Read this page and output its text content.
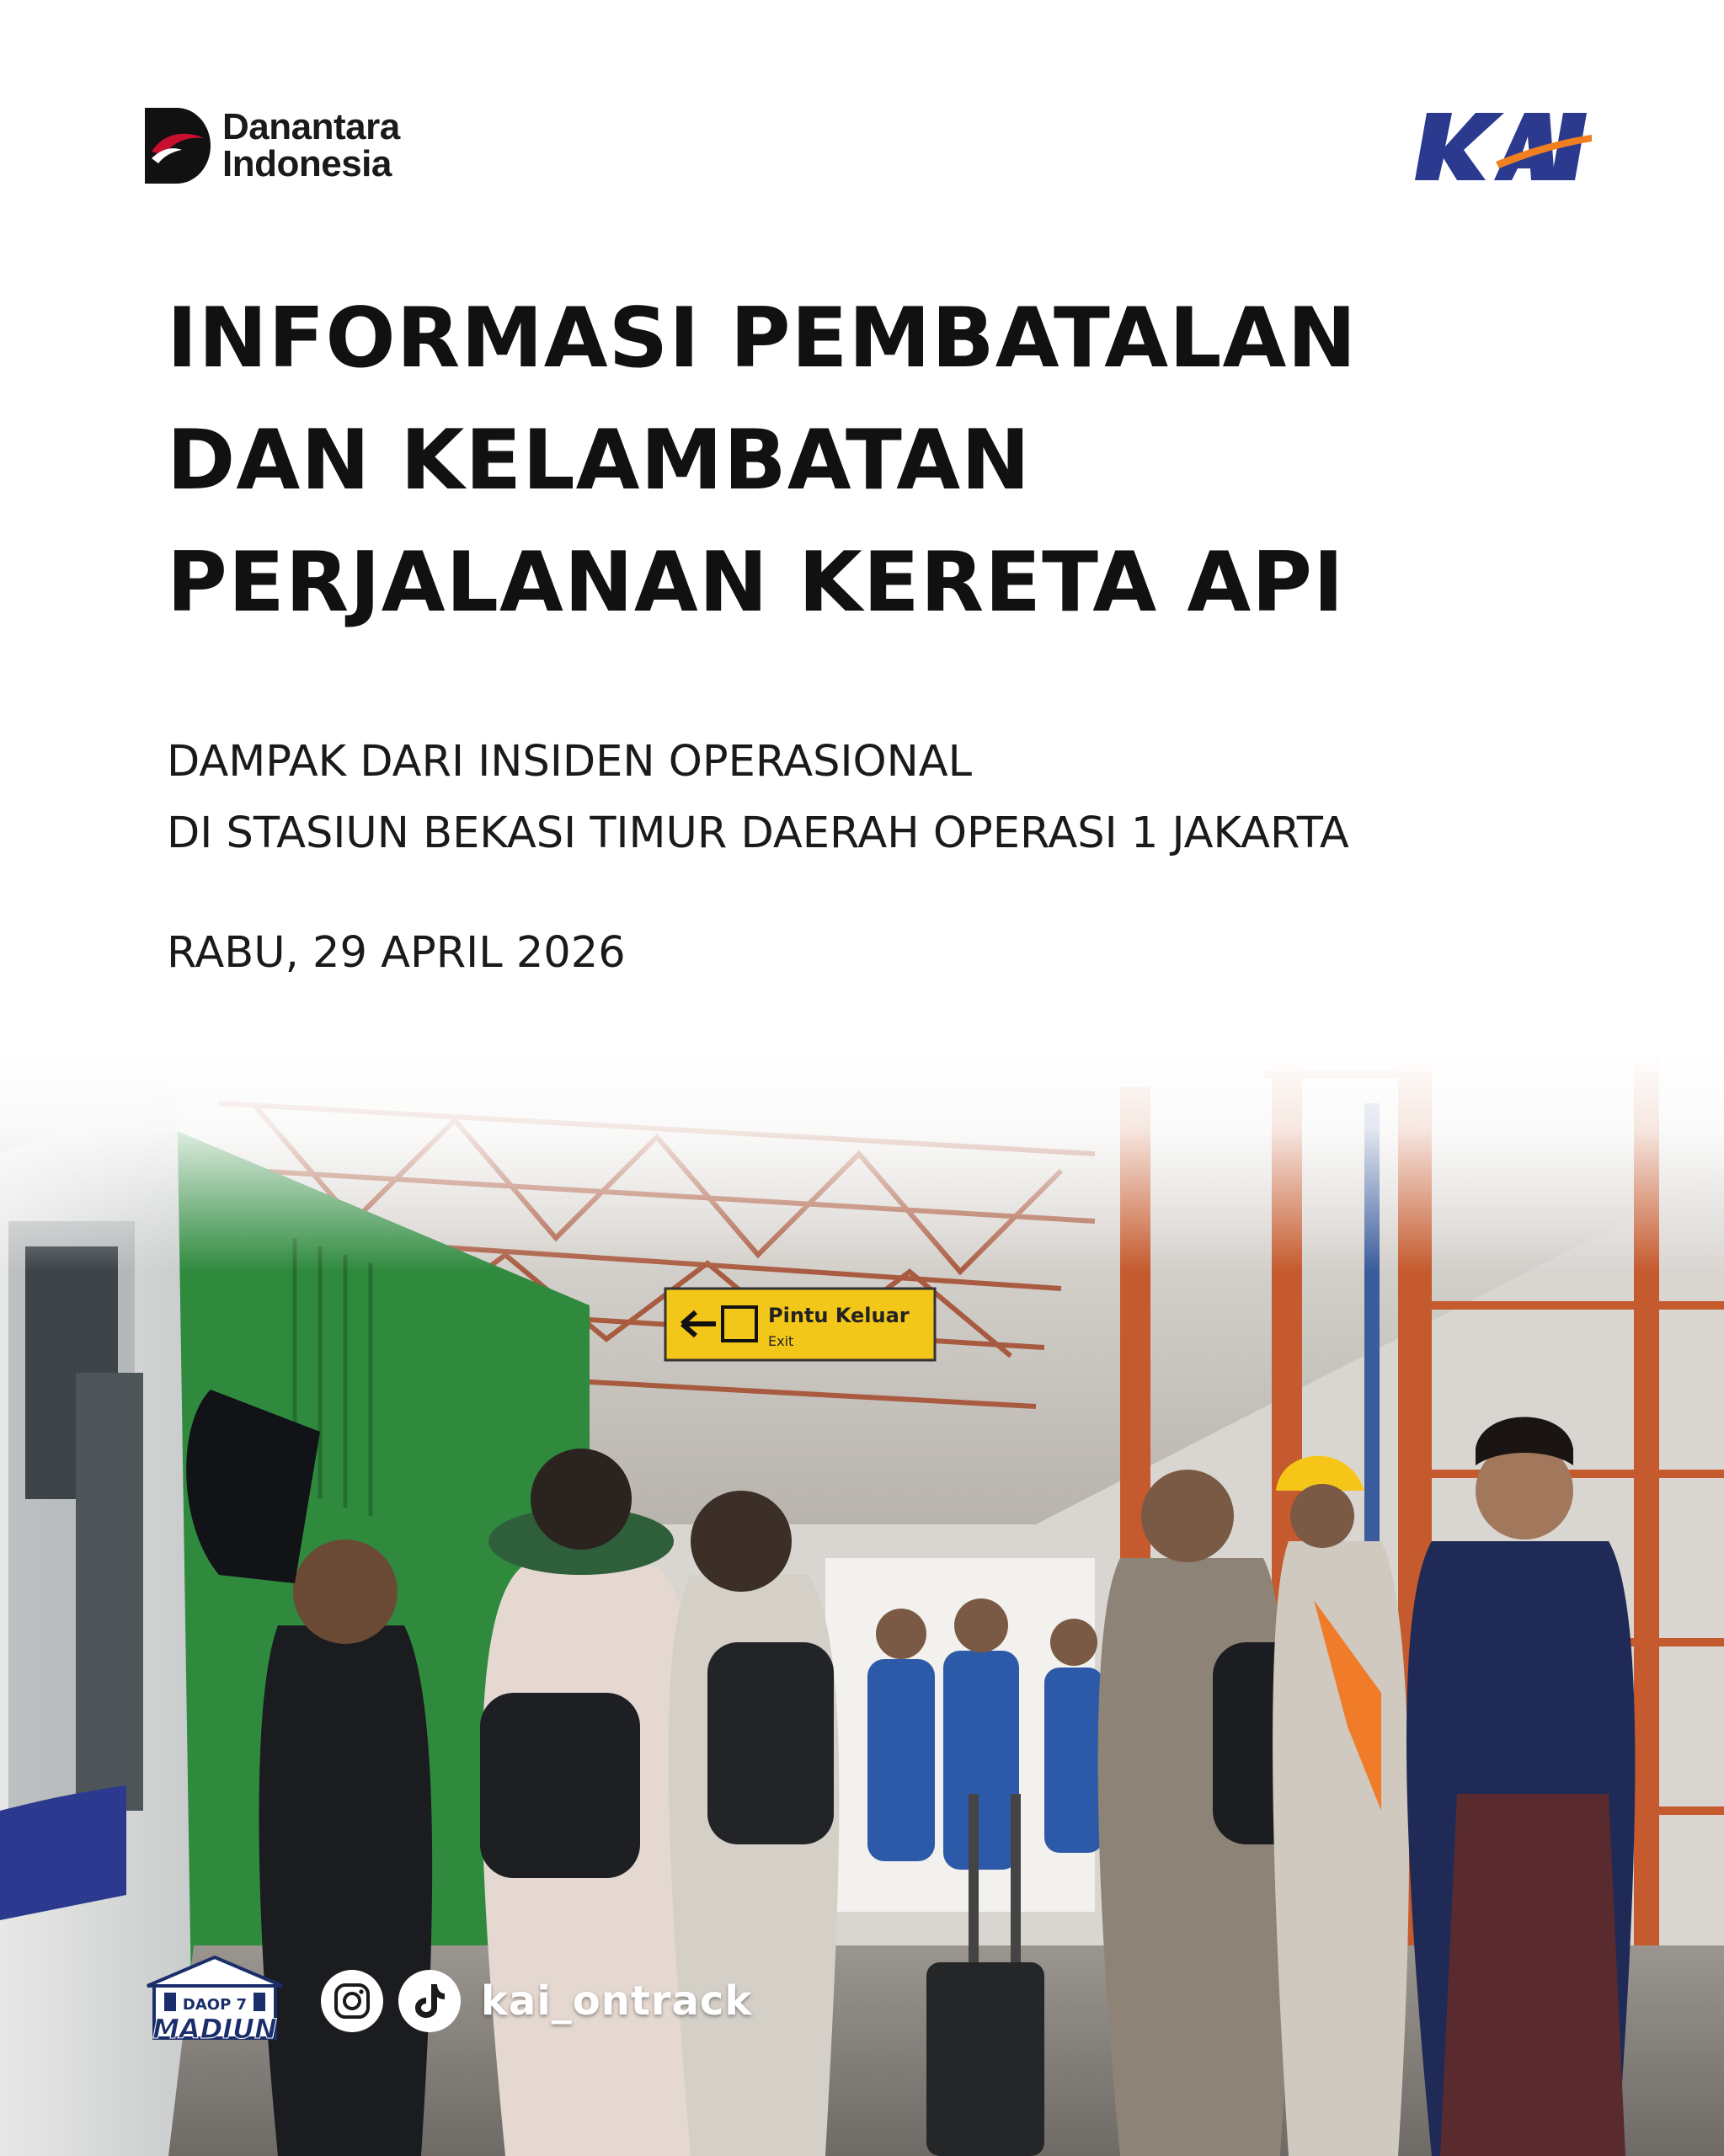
Danantara
Indonesia
INFORMASI PEMBATALAN
DAN KELAMBATAN
PERJALANAN KERETA API
DAMPAK DARI INSIDEN OPERASIONAL
DI STASIUN BEKASI TIMUR DAERAH OPERASI 1 JAKARTA
RABU, 29 APRIL 2026
Pintu Keluar
Exit
KAI
DAOP 7
MADIUN
kai_ontrack
